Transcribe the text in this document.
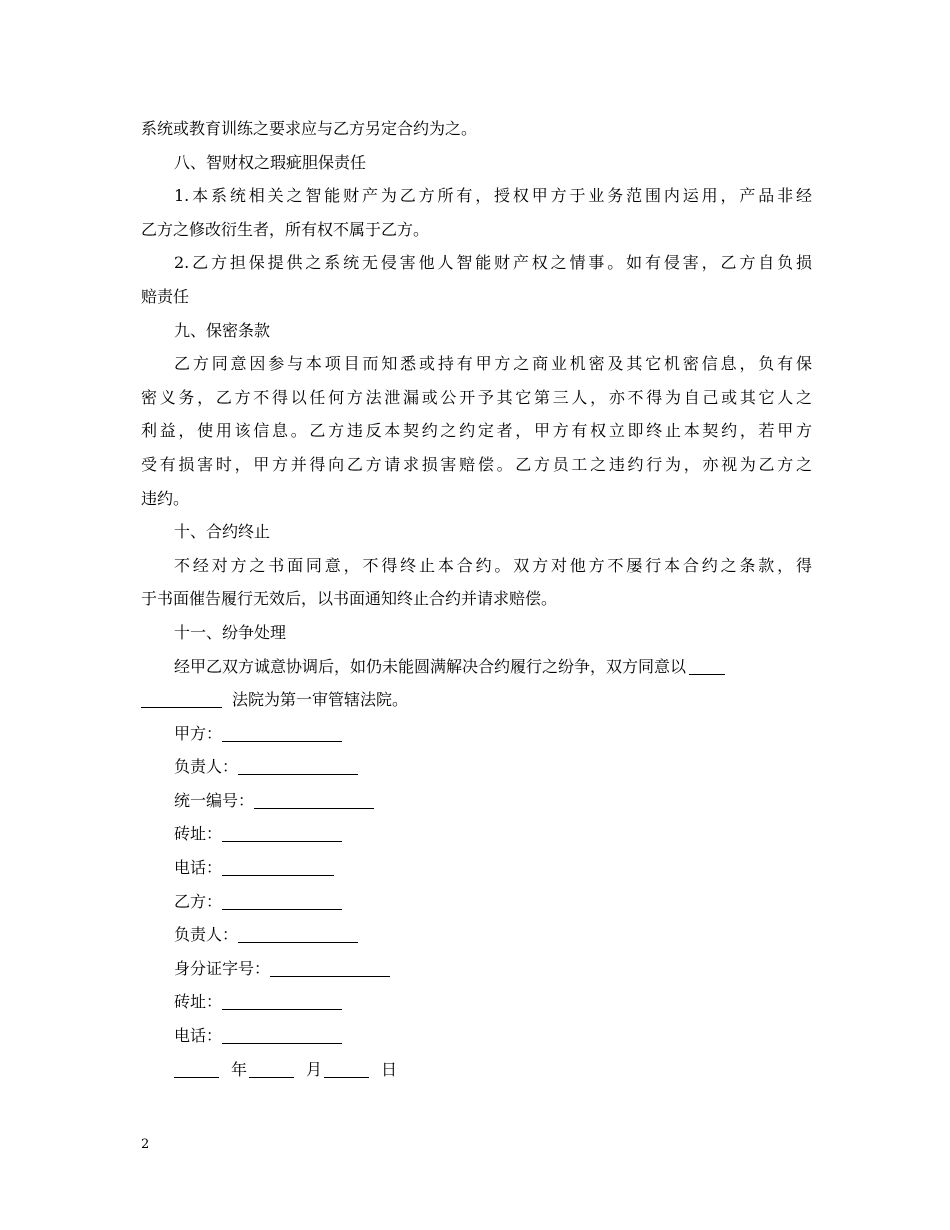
系统或教育训练之要求应与乙方另定合约为之。
八、智财权之瑕疵胆保责任
1.本系统相关之智能财产为乙方所有，授权甲方于业务范围内运用，产品非经
乙方之修改衍生者，所有权不属于乙方。
2.乙方担保提供之系统无侵害他人智能财产权之情事。如有侵害，乙方自负损
赔责任
九、保密条款
乙方同意因参与本项目而知悉或持有甲方之商业机密及其它机密信息，负有保
密义务，乙方不得以任何方法泄漏或公开予其它第三人，亦不得为自己或其它人之
利益，使用该信息。乙方违反本契约之约定者，甲方有权立即终止本契约，若甲方
受有损害时，甲方并得向乙方请求损害赔偿。乙方员工之违约行为，亦视为乙方之
违约。
十、合约终止
不经对方之书面同意，不得终止本合约。双方对他方不屡行本合约之条款，得
于书面催告履行无效后，以书面通知终止合约并请求赔偿。
十一、纷争处理
经甲乙双方诚意协调后，如仍未能圆满解决合约履行之纷争，双方同意以
法院为第一审管辖法院。
甲方：
负责人：
统一编号：
砖址：
电话：
乙方：
负责人：
身分证字号：
砖址：
电话：
年	月	日
2
